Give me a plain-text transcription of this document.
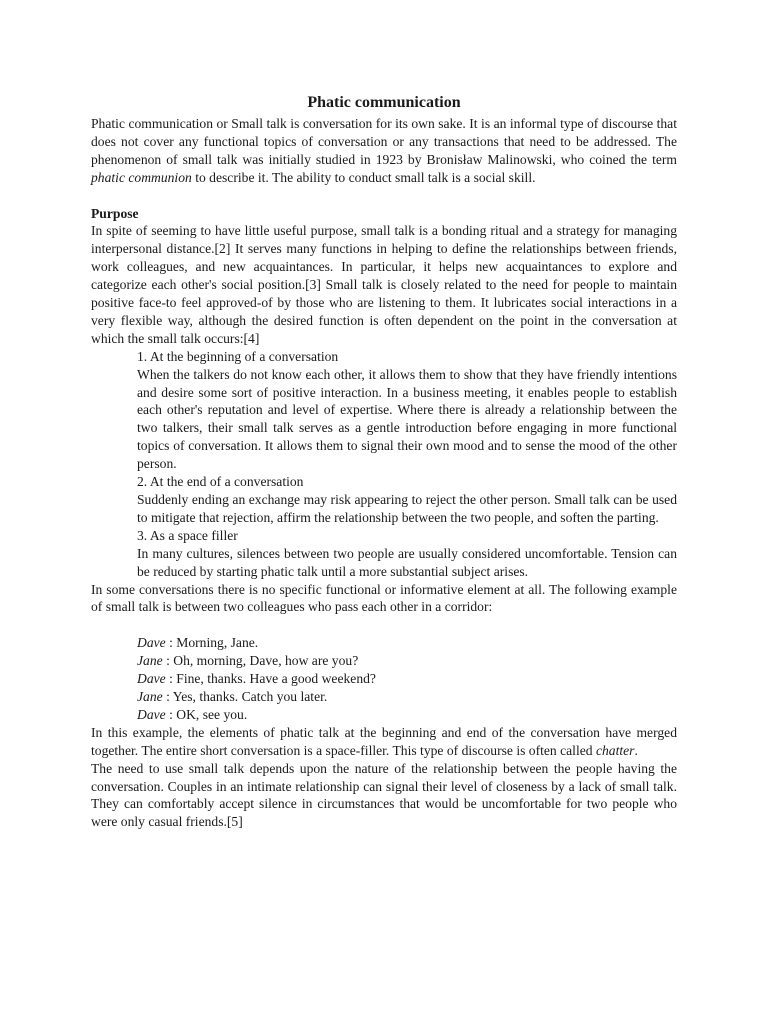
Phatic communication

Phatic communication or Small talk is conversation for its own sake. It is an informal type of discourse that does not cover any functional topics of conversation or any transactions that need to be addressed. The phenomenon of small talk was initially studied in 1923 by Bronisław Malinowski, who coined the term phatic communion to describe it. The ability to conduct small talk is a social skill.

Purpose

In spite of seeming to have little useful purpose, small talk is a bonding ritual and a strategy for managing interpersonal distance.[2] It serves many functions in helping to define the relationships between friends, work colleagues, and new acquaintances. In particular, it helps new acquaintances to explore and categorize each other's social position.[3] Small talk is closely related to the need for people to maintain positive face-to feel approved-of by those who are listening to them. It lubricates social interactions in a very flexible way, although the desired function is often dependent on the point in the conversation at which the small talk occurs:[4]

1. At the beginning of a conversation
When the talkers do not know each other, it allows them to show that they have friendly intentions and desire some sort of positive interaction. In a business meeting, it enables people to establish each other's reputation and level of expertise. Where there is already a relationship between the two talkers, their small talk serves as a gentle introduction before engaging in more functional topics of conversation. It allows them to signal their own mood and to sense the mood of the other person.
2. At the end of a conversation
Suddenly ending an exchange may risk appearing to reject the other person. Small talk can be used to mitigate that rejection, affirm the relationship between the two people, and soften the parting.
3. As a space filler
In many cultures, silences between two people are usually considered uncomfortable. Tension can be reduced by starting phatic talk until a more substantial subject arises.

In some conversations there is no specific functional or informative element at all. The following example of small talk is between two colleagues who pass each other in a corridor:

Dave : Morning, Jane.
Jane : Oh, morning, Dave, how are you?
Dave : Fine, thanks. Have a good weekend?
Jane : Yes, thanks. Catch you later.
Dave : OK, see you.

In this example, the elements of phatic talk at the beginning and end of the conversation have merged together. The entire short conversation is a space-filler. This type of discourse is often called chatter.

The need to use small talk depends upon the nature of the relationship between the people having the conversation. Couples in an intimate relationship can signal their level of closeness by a lack of small talk. They can comfortably accept silence in circumstances that would be uncomfortable for two people who were only casual friends.[5]
